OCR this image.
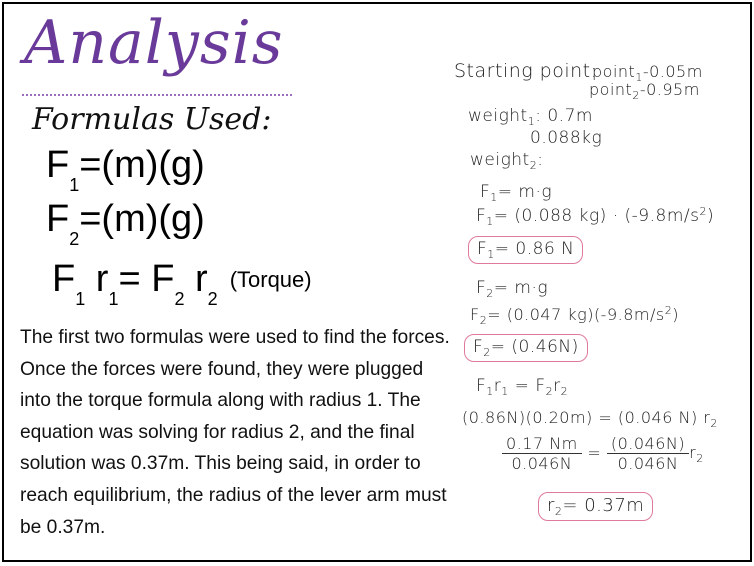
Analysis
Formulas Used:
$F_1=(m)(g)$
$F_2=(m)(g)$
$F_1$ $r_1= F_2$ $r_2(Torque)$

The first two formulas were used to find the forces. Once the forces were found, they were plugged into the torque formula along with radius 1. The equation was solving for radius 2, and the final solution was 0.37m. This being said, in order to reach equilibrium, the radius of the lever arm must be 0.37m.

Starting point:
point$_1$-0.05m
point$_2$-0.95m
weight$_1$: 0.7m
0.088kg
weight$_2$:
$F_1= m\cdot g$
$F_1= (0.088$ $kg) \cdot (-9.8m/s^2)$
$F_1= 0.86$ N
$F_2= m\cdot g$
$F_2= (0.047$ $kg)(-9.8m/s^2)$
$F_2= (0.46N)$
$F_1r_1 = F_2r_2$
(0.86N)(0.20m) = (0.046 N) $r_2$
$\frac{0.17 Nm}{0.046N} = \frac{(0.046N)}{0.046N} r_2$
$r_2= 0.37m$
